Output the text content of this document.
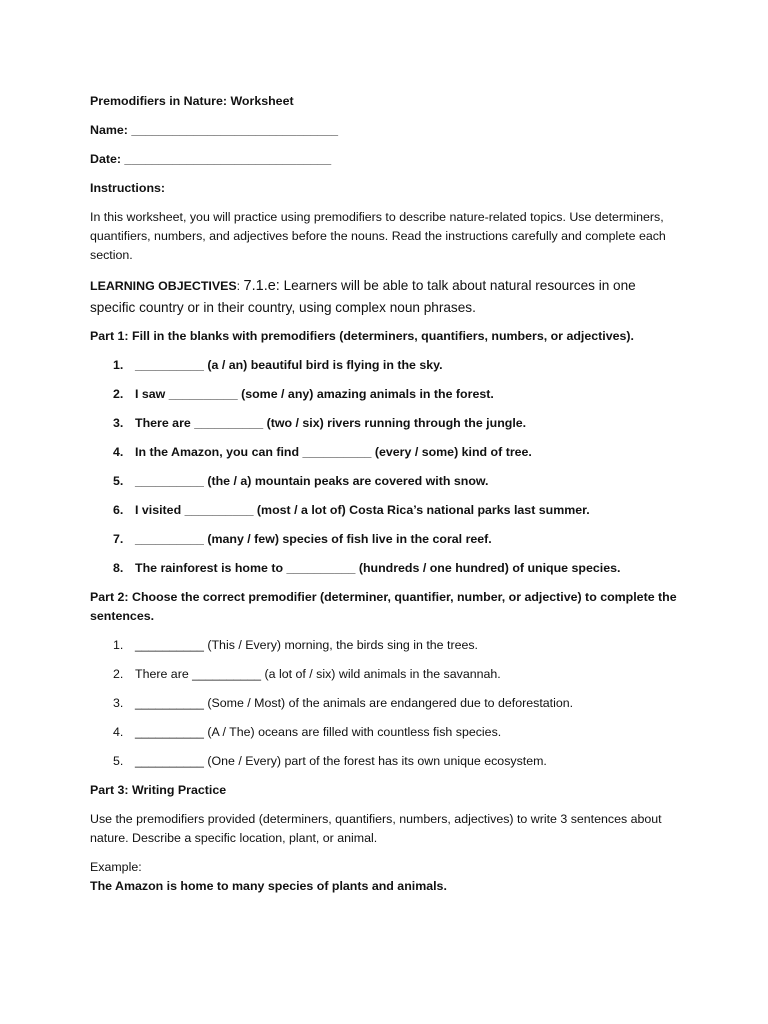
Premodifiers in Nature: Worksheet

Name: ______________________________

Date: ______________________________

Instructions:

In this worksheet, you will practice using premodifiers to describe nature-related topics. Use determiners, quantifiers, numbers, and adjectives before the nouns. Read the instructions carefully and complete each section.

LEARNING OBJECTIVES: 7.1.e: Learners will be able to talk about natural resources in one specific country or in their country, using complex noun phrases.

Part 1: Fill in the blanks with premodifiers (determiners, quantifiers, numbers, or adjectives).

1. __________ (a / an) beautiful bird is flying in the sky.
2. I saw __________ (some / any) amazing animals in the forest.
3. There are __________ (two / six) rivers running through the jungle.
4. In the Amazon, you can find __________ (every / some) kind of tree.
5. __________ (the / a) mountain peaks are covered with snow.
6. I visited __________ (most / a lot of) Costa Rica’s national parks last summer.
7. __________ (many / few) species of fish live in the coral reef.
8. The rainforest is home to __________ (hundreds / one hundred) of unique species.

Part 2: Choose the correct premodifier (determiner, quantifier, number, or adjective) to complete the sentences.

1. __________ (This / Every) morning, the birds sing in the trees.
2. There are __________ (a lot of / six) wild animals in the savannah.
3. __________ (Some / Most) of the animals are endangered due to deforestation.
4. __________ (A / The) oceans are filled with countless fish species.
5. __________ (One / Every) part of the forest has its own unique ecosystem.

Part 3: Writing Practice

Use the premodifiers provided (determiners, quantifiers, numbers, adjectives) to write 3 sentences about nature. Describe a specific location, plant, or animal.

Example:

The Amazon is home to many species of plants and animals.
